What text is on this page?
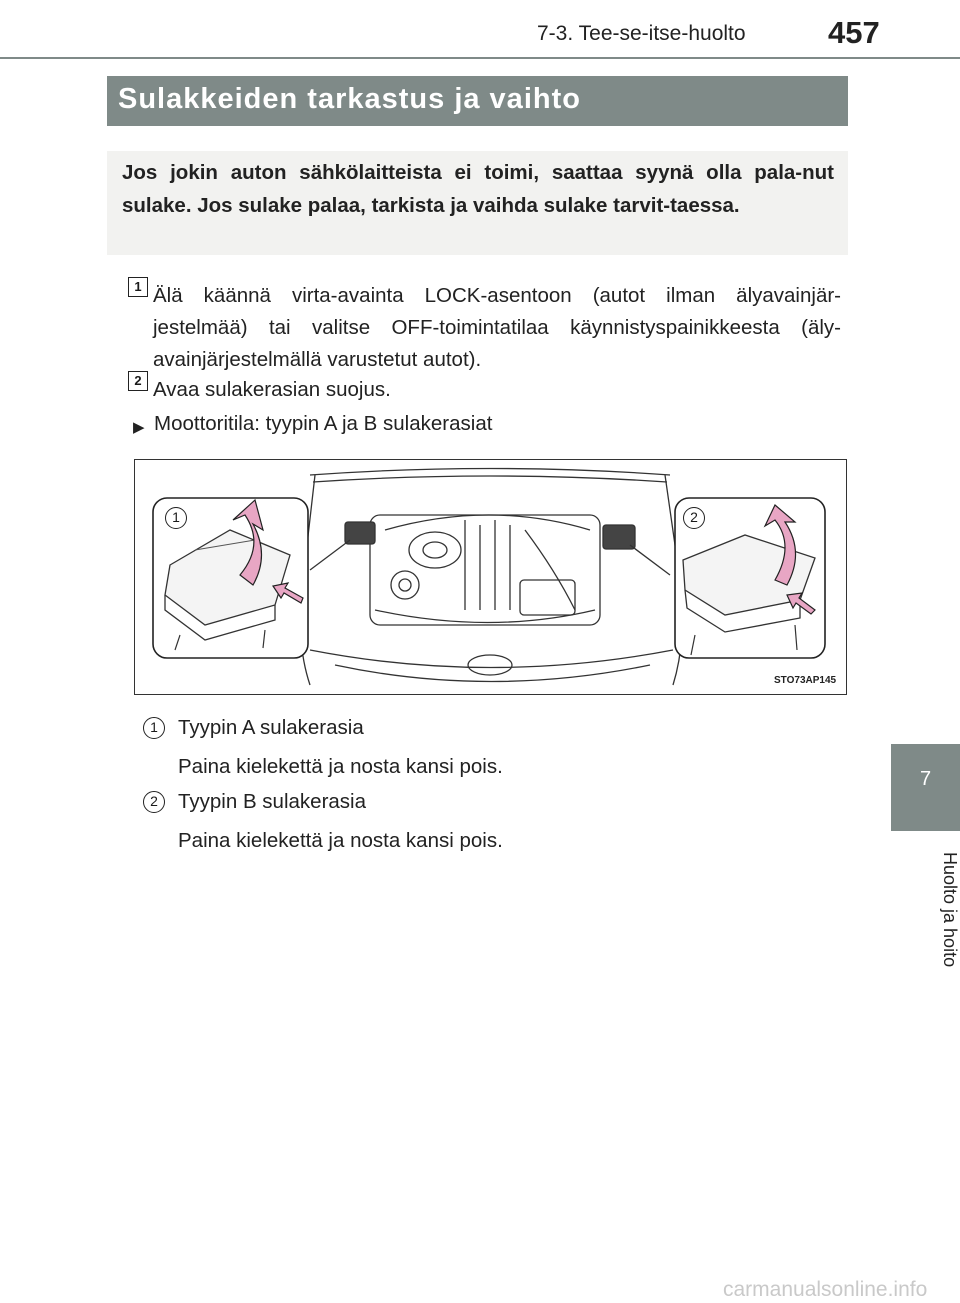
7-3. Tee-se-itse-huolto	457
Sulakkeiden tarkastus ja vaihto
Jos jokin auton sähkölaitteista ei toimi, saattaa syynä olla pala-nut sulake. Jos sulake palaa, tarkista ja vaihda sulake tarvit-taessa.
1 Älä käännä virta-avainta LOCK-asentoon (autot ilman älyavainjär-jestelmää) tai valitse OFF-toimintatilaa käynnistyspainikkeesta (äly-avainjärjestelmällä varustetut autot).
2 Avaa sulakerasian suojus.
▶ Moottoritila: tyypin A ja B sulakerasiat
1	2
STO73AP145
1 Tyypin A sulakerasia
Paina kielekettä ja nosta kansi pois.
2 Tyypin B sulakerasia
Paina kielekettä ja nosta kansi pois.
7
Huolto ja hoito
carmanualsonline.info
